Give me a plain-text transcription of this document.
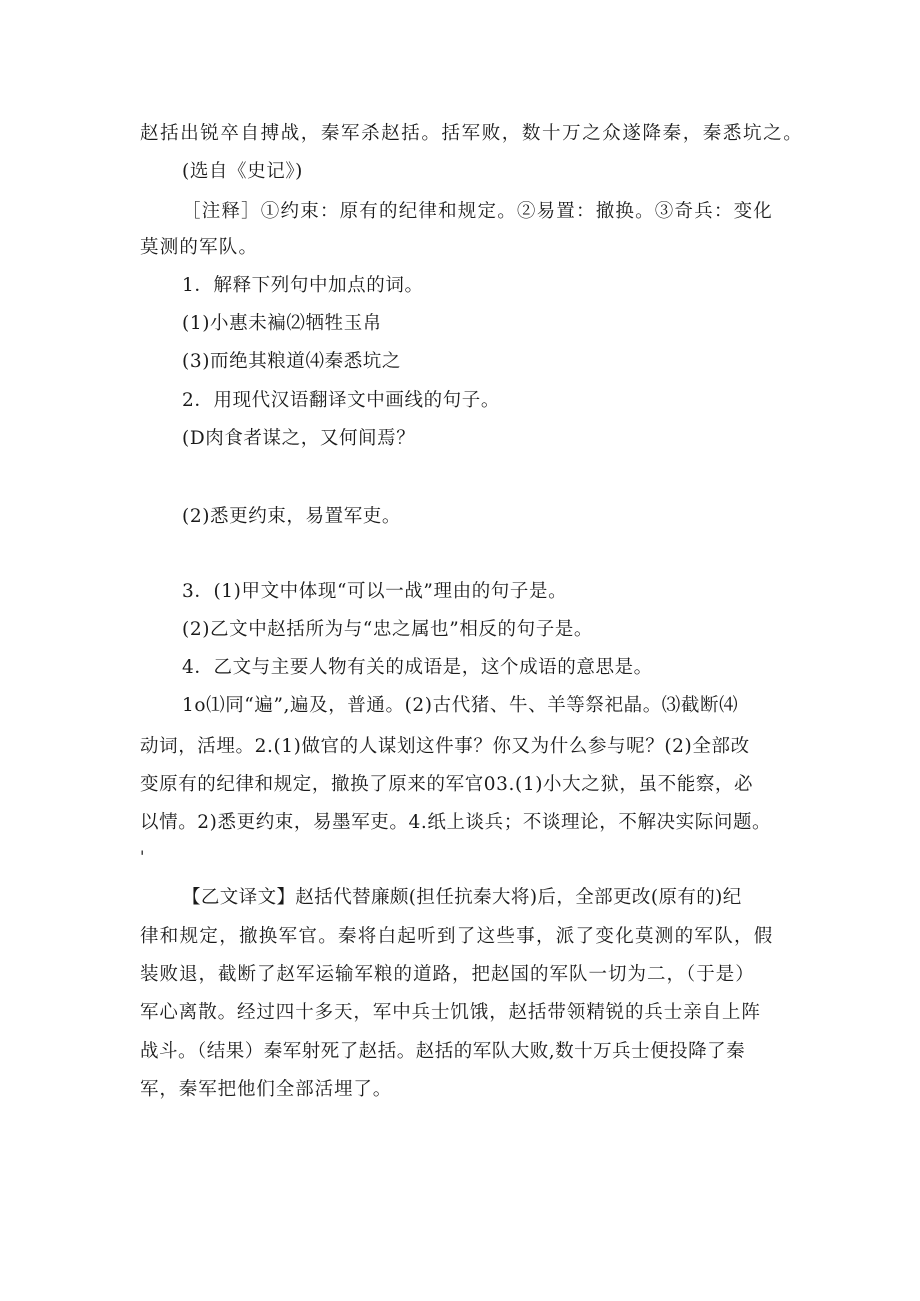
赵括出锐卒自搏战，秦军杀赵括。括军败，数十万之众遂降秦，秦悉坑之。
(选自《史记》)
［注释］①约束：原有的纪律和规定。②易置：撤换。③奇兵：变化
莫测的军队。
1．解释下列句中加点的词。
(1)小惠未褊⑵牺牲玉帛
(3)而绝其粮道⑷秦悉坑之
2．用现代汉语翻译文中画线的句子。
(D肉食者谋之，又何间焉？
(2)悉更约束，易置军吏。
3．(1)甲文中体现“可以一战”理由的句子是。
(2)乙文中赵括所为与“忠之属也”相反的句子是。
4．乙文与主要人物有关的成语是，这个成语的意思是。
1o⑴同“遍”,遍及，普通。(2)古代猪、牛、羊等祭祀晶。⑶截断⑷
动词，活埋。2.(1)做官的人谋划这件事？你又为什么参与呢？(2)全部改
变原有的纪律和规定，撤换了原来的军官03.(1)小大之狱，虽不能察，必
以情。2)悉更约束，易墨军吏。4.纸上谈兵；不谈理论，不解决实际问题。
'
【乙文译文】赵括代替廉颇(担任抗秦大将)后，全部更改(原有的)纪
律和规定，撤换军官。秦将白起听到了这些事，派了变化莫测的军队，假
装败退，截断了赵军运输军粮的道路，把赵国的军队一切为二，（于是）
军心离散。经过四十多天，军中兵士饥饿，赵括带领精锐的兵士亲自上阵
战斗。（结果）秦军射死了赵括。赵括的军队大败,数十万兵士便投降了秦
军，秦军把他们全部活埋了。
